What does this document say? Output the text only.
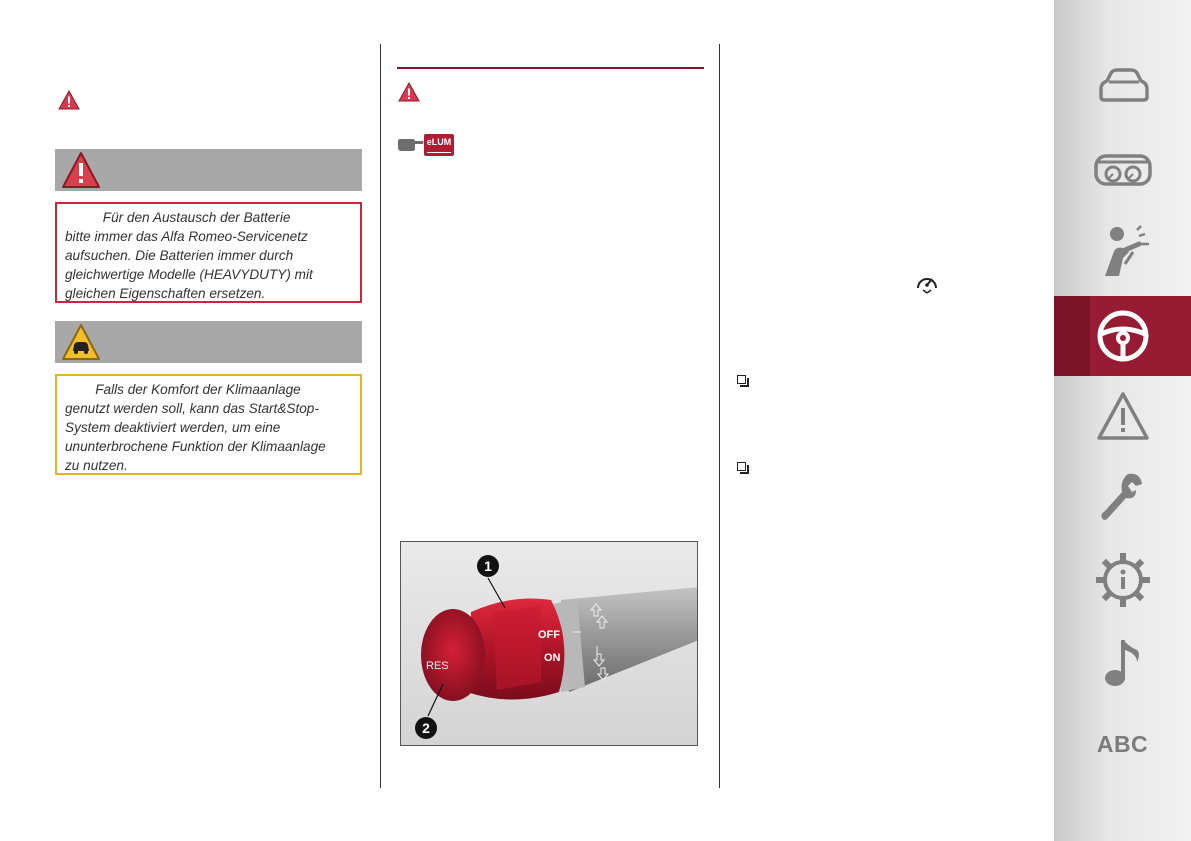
Für den Austausch der Batterie
bitte immer das Alfa Romeo-Servicenetz
aufsuchen. Die Batterien immer durch
gleichwertige Modelle (HEAVYDUTY) mit
gleichen Eigenschaften ersetzen.
Falls der Komfort der Klimaanlage
genutzt werden soll, kann das Start&Stop-
System deaktiviert werden, um eine
ununterbrochene Funktion der Klimaanlage
zu nutzen.
eLUM
1
2
RES
OFF
ON
ABC
